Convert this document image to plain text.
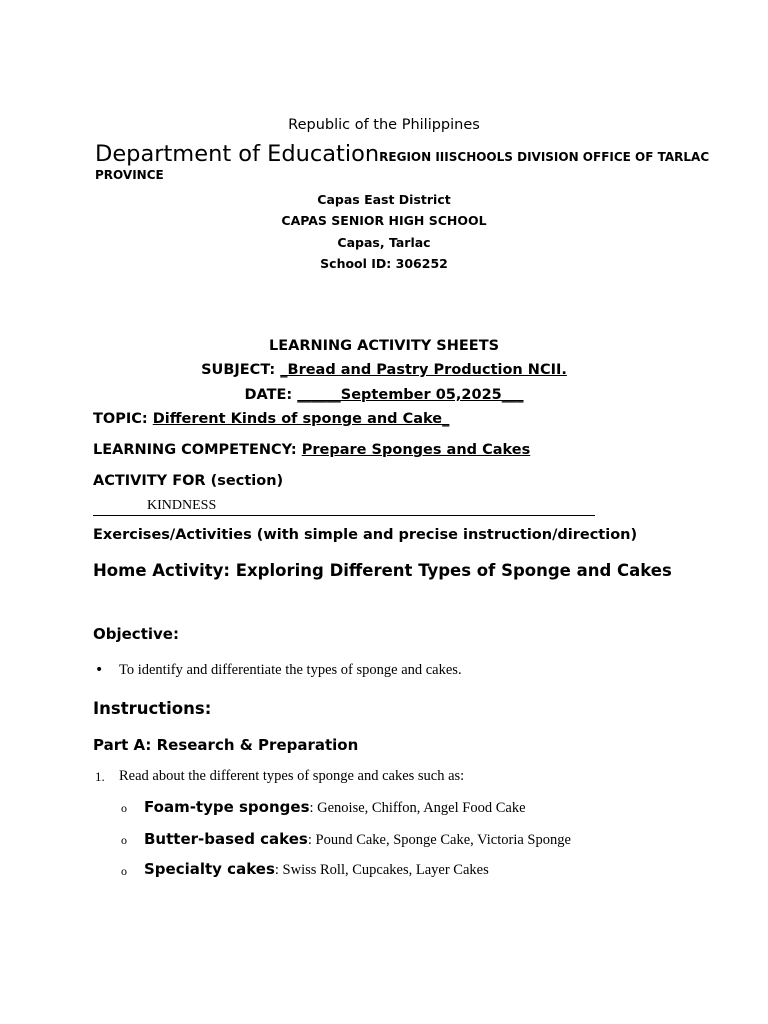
Republic of the Philippines
Department of EducationREGION IIISCHOOLS DIVISION OFFICE OF TARLAC PROVINCE
Capas East District
CAPAS SENIOR HIGH SCHOOL
Capas, Tarlac
School ID: 306252
LEARNING ACTIVITY SHEETS
SUBJECT: _Bread and Pastry Production NCII.
DATE: ______September 05,2025___
TOPIC: Different Kinds of sponge and Cake_
LEARNING COMPETENCY: Prepare Sponges and Cakes
ACTIVITY FOR (section)
KINDNESS
Exercises/Activities (with simple and precise instruction/direction)
Home Activity: Exploring Different Types of Sponge and Cakes
Objective:
• To identify and differentiate the types of sponge and cakes.
Instructions:
Part A: Research & Preparation
1. Read about the different types of sponge and cakes such as:
o Foam-type sponges: Genoise, Chiffon, Angel Food Cake
o Butter-based cakes: Pound Cake, Sponge Cake, Victoria Sponge
o Specialty cakes: Swiss Roll, Cupcakes, Layer Cakes
